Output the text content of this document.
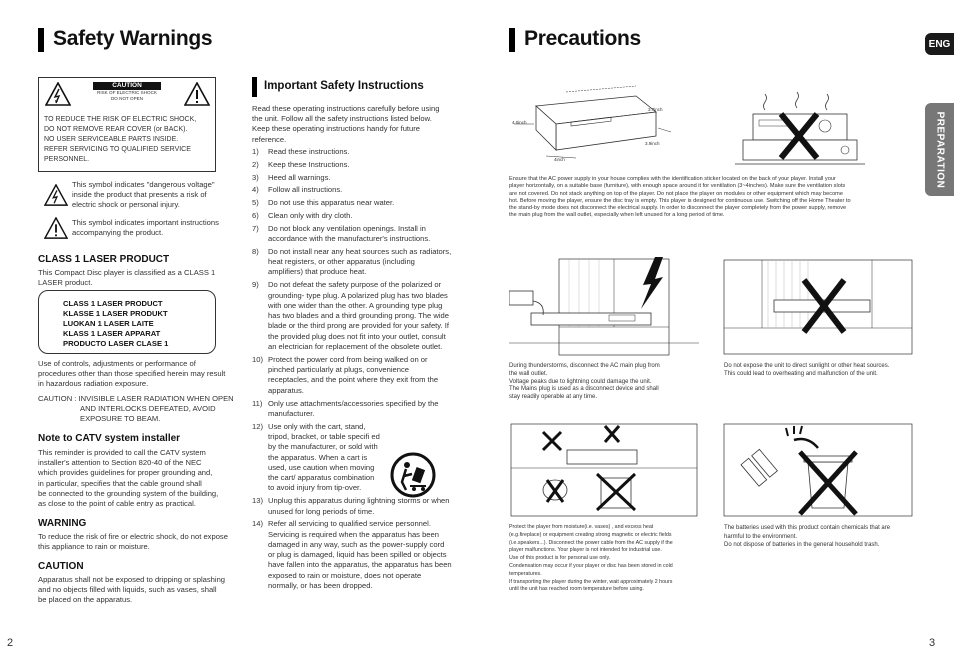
Safety Warnings
CAUTION
RISK OF ELECTRIC SHOCK
DO NOT OPEN
TO REDUCE THE RISK OF ELECTRIC SHOCK,
DO NOT REMOVE REAR COVER (or BACK).
NO USER SERVICEABLE PARTS INSIDE.
REFER SERVICING TO QUALIFIED SERVICE
PERSONNEL.
This symbol indicates "dangerous voltage"
inside the product that presents a risk of
electric shock or personal injury.
This symbol indicates important instructions
accompanying the product.
CLASS 1 LASER PRODUCT
This Compact Disc player is classified as a CLASS 1
LASER product.
CLASS 1 LASER PRODUCT
KLASSE 1 LASER PRODUKT
LUOKAN 1 LASER LAITE
KLASS 1 LASER APPARAT
PRODUCTO LASER CLASE 1
Use of controls, adjustments or performance of
procedures other than those specified herein may result
in hazardous radiation exposure.
CAUTION : INVISIBLE LASER RADIATION WHEN OPEN
AND INTERLOCKS DEFEATED, AVOID
EXPOSURE TO BEAM.
Note to CATV system installer
This reminder is provided to call the CATV system
installer's attention to Section 820-40 of the NEC
which provides guidelines for proper grounding and,
in particular, specifies that the cable ground shall
be connected to the grounding system of the building,
as close to the point of cable entry as practical.
WARNING
To reduce the risk of fire or electric shock, do not expose
this appliance to rain or moisture.
CAUTION
Apparatus shall not be exposed to dripping or splashing
and no objects filled with liquids, such as vases, shall
be placed on the apparatus.
Important Safety Instructions
Read these operating instructions carefully before using
the unit. Follow all the safety instructions listed below.
Keep these operating instructions handy for future
reference.
1)	Read these instructions.
2)	Keep these Instructions.
3)	Heed all warnings.
4)	Follow all instructions.
5)	Do not use this apparatus near water.
6)	Clean only with dry cloth.
7)	Do not block any ventilation openings. Install in accordance with the manufacturer's instructions.
8)	Do not install near any heat sources such as radiators, heat registers, or other apparatus (including amplifiers) that produce heat.
9)	Do not defeat the safety purpose of the polarized or grounding- type plug. A polarized plug has two blades with one wider than the other. A grounding type plug has two blades and a third grounding prong. The wide blade or the third prong are provided for your safety. If the provided plug does not fit into your outlet, consult an electrician for replacement of the obsolete outlet.
10) Protect the power cord from being walked on or pinched particularly at plugs, convenience receptacles, and the point where they exit from the apparatus.
11) Only use attachments/accessories specified by the manufacturer.
12) Use only with the cart, stand, tripod, bracket, or table specifi ed by the manufacturer, or sold with the apparatus. When a cart is used, use caution when moving the cart/ apparatus combination to avoid injury from tip-over.
13) Unplug this apparatus during lightning storms or when unused for long periods of time.
14) Refer all servicing to qualified service personnel. Servicing is required when the apparatus has been damaged in any way, such as the power-supply cord or plug is damaged, liquid has been spilled or objects have fallen into the apparatus, the apparatus has been exposed to rain or moisture, does not operate normally, or has been dropped.
2
Precautions	ENG
PREPARATION
3.7inch
4.0inch
4inch
3.9inch
Ensure that the AC power supply in your house complies with the identification sticker located on the back of your player. Install your
player horizontally, on a suitable base (furniture), with enough space around it for ventilation (3~4inches). Make sure the ventilation slots
are not covered. Do not stack anything on top of the player. Do not place the player on modules or other equipment which may become
hot. Before moving the player, ensure the disc tray is empty. This player is designed for continuous use. Switching off the Home Theater to
the stand-by mode does not disconnect the electrical supply. In order to disconnect the player completely from the power supply, remove
the main plug from the wall outlet, especially when left unused for a long period of time.
During thunderstorms, disconnect the AC main plug from
the wall outlet.
Voltage peaks due to lightning could damage the unit.
The Mains plug is used as a disconnect device and shall
stay readily operable at any time.
Do not expose the unit to direct sunlight or other heat sources.
This could lead to overheating and malfunction of the unit.
Protect the player from moisture(i.e. vases) , and excess heat
(e.g.fireplace) or equipment creating strong magnetic or electric fields
(i.e.speakers...). Disconnect the power cable from the AC supply if the
player malfunctions. Your player is not intended for industrial use.
Use of this product is for personal use only.
Condensation may occur if your player or disc has been stored in cold
temperatures.
If transporting the player during the winter, wait approximately 2 hours
until the unit has reached room temperature before using.
The batteries used with this product contain chemicals that are
harmful to the environment.
Do not dispose of batteries in the general household trash.
3
